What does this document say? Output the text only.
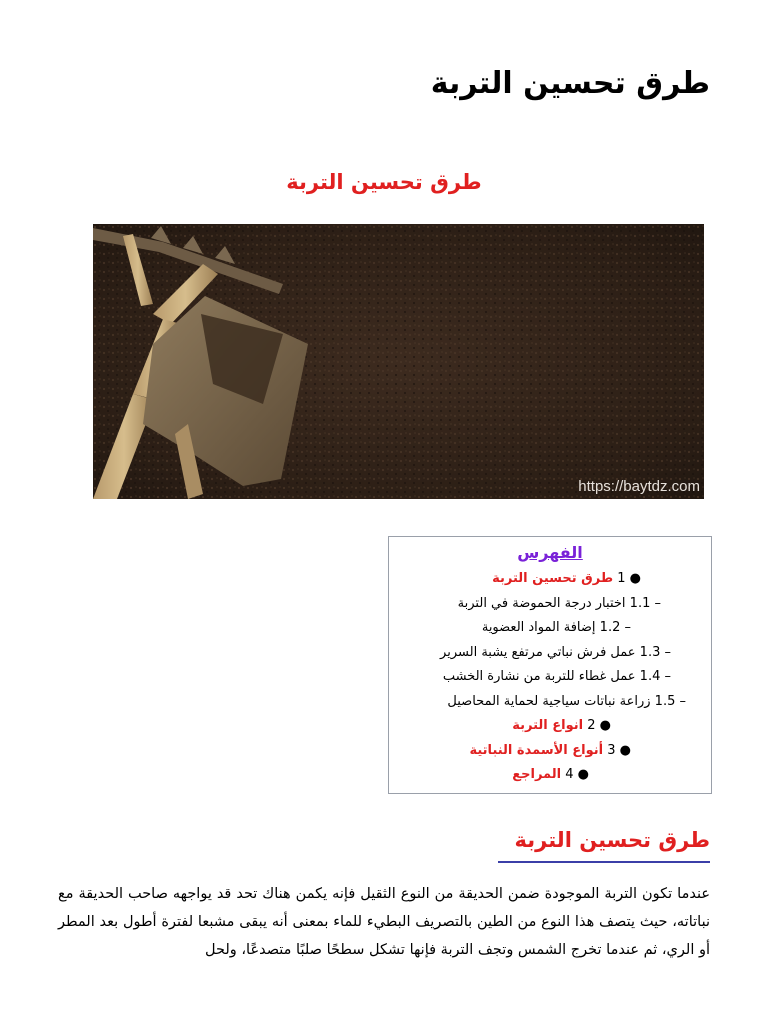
طرق تحسين التربة
طرق تحسين التربة
https://baytdz.com
الفهرس
● 1 طرق تحسين التربة
– 1.1 اختبار درجة الحموضة في التربة
– 1.2 إضافة المواد العضوية
– 1.3 عمل فرش نباتي مرتفع يشبة السرير
– 1.4 عمل غطاء للتربة من نشارة الخشب
– 1.5 زراعة نباتات سياجية لحماية المحاصيل
● 2 انواع التربة
● 3 أنواع الأسمدة النباتية
● 4 المراجع
طرق تحسين التربة

عندما تكون التربة الموجودة ضمن الحديقة من النوع الثقيل فإنه يكمن هناك تحد قد يواجهه صاحب الحديقة مع نباتاته، حيث يتصف هذا النوع من الطين بالتصريف البطيء للماء بمعنى أنه يبقى مشبعا لفترة أطول بعد المطر أو الري، ثم عندما تخرج الشمس وتجف التربة فإنها تشكل سطحًا صلبًا متصدعًا، ولحل
